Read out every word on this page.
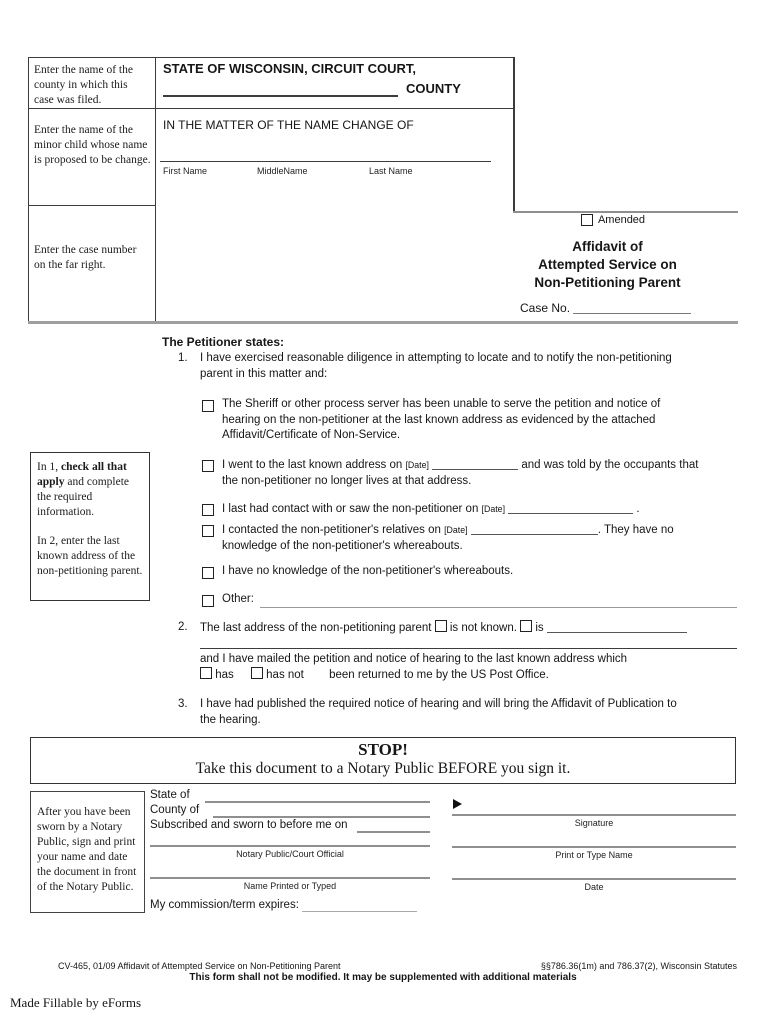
Enter the name of the county in which this case was filed.
Enter the name of the minor child whose name is proposed to be change.
Enter the case number on the far right.
STATE OF WISCONSIN, CIRCUIT COURT,
COUNTY
IN THE MATTER OF THE NAME CHANGE OF
First Name	MiddleName	Last Name
Amended
Affidavit of
Attempted Service on
Non-Petitioning Parent
Case No.
In 1, check all that apply and complete the required information.
In 2, enter the last known address of the non-petitioning parent.
The Petitioner states:
1. I have exercised reasonable diligence in attempting to locate and to notify the non-petitioning
parent in this matter and:
The Sheriff or other process server has been unable to serve the petition and notice of
hearing on the non-petitioner at the last known address as evidenced by the attached
Affidavit/Certificate of Non-Service.
I went to the last known address on [Date]	and was told by the occupants that
the non-petitioner no longer lives at that address.
I last had contact with or saw the non-petitioner on [Date]	.
I contacted the non-petitioner's relatives on [Date]	. They have no
knowledge of the non-petitioner's whereabouts.
I have no knowledge of the non-petitioner's whereabouts.
Other:
2. The last address of the non-petitioning parent  is not known.  is
and I have mailed the petition and notice of hearing to the last known address which
has	has not been returned to me by the US Post Office.
3. I have had published the required notice of hearing and will bring the Affidavit of Publication to
the hearing.
STOP!
Take this document to a Notary Public BEFORE you sign it.
After you have been sworn by a Notary Public, sign and print your name and date the document in front of the Notary Public.
State of
County of
Subscribed and sworn to before me on
Notary Public/Court Official
Name Printed or Typed
My commission/term expires:
Signature
Print or Type Name
Date
CV-465, 01/09 Affidavit of Attempted Service on Non-Petitioning Parent	§§786.36(1m) and 786.37(2), Wisconsin Statutes
This form shall not be modified. It may be supplemented with additional materials
Made Fillable by eForms
